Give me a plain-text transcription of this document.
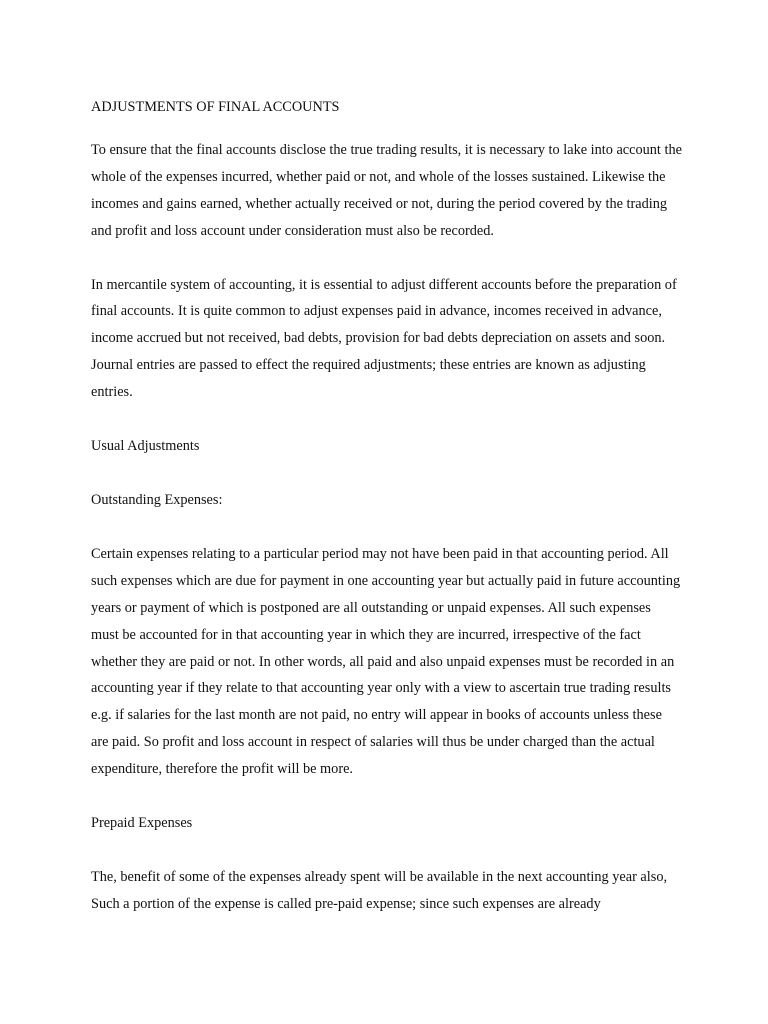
ADJUSTMENTS OF FINAL ACCOUNTS

To ensure that the final accounts disclose the true trading results, it is necessary to lake into account the whole of the expenses incurred, whether paid or not, and whole of the losses sustained. Likewise the incomes and gains earned, whether actually received or not, during the period covered by the trading and profit and loss account under consideration must also be recorded.

In mercantile system of accounting, it is essential to adjust different accounts before the preparation of final accounts. It is quite common to adjust expenses paid in advance, incomes received in advance, income accrued but not received, bad debts, provision for bad debts depreciation on assets and soon. Journal entries are passed to effect the required adjustments; these entries are known as adjusting entries.

Usual Adjustments

Outstanding Expenses:

Certain expenses relating to a particular period may not have been paid in that accounting period. All such expenses which are due for payment in one accounting year but actually paid in future accounting years or payment of which is postponed are all outstanding or unpaid expenses. All such expenses must be accounted for in that accounting year in which they are incurred, irrespective of the fact whether they are paid or not. In other words, all paid and also unpaid expenses must be recorded in an accounting year if they relate to that accounting year only with a view to ascertain true trading results e.g. if salaries for the last month are not paid, no entry will appear in books of accounts unless these are paid. So profit and loss account in respect of salaries will thus be under charged than the actual expenditure, therefore the profit will be more.

Prepaid Expenses

The, benefit of some of the expenses already spent will be available in the next accounting year also, Such a portion of the expense is called pre-paid expense; since such expenses are already
